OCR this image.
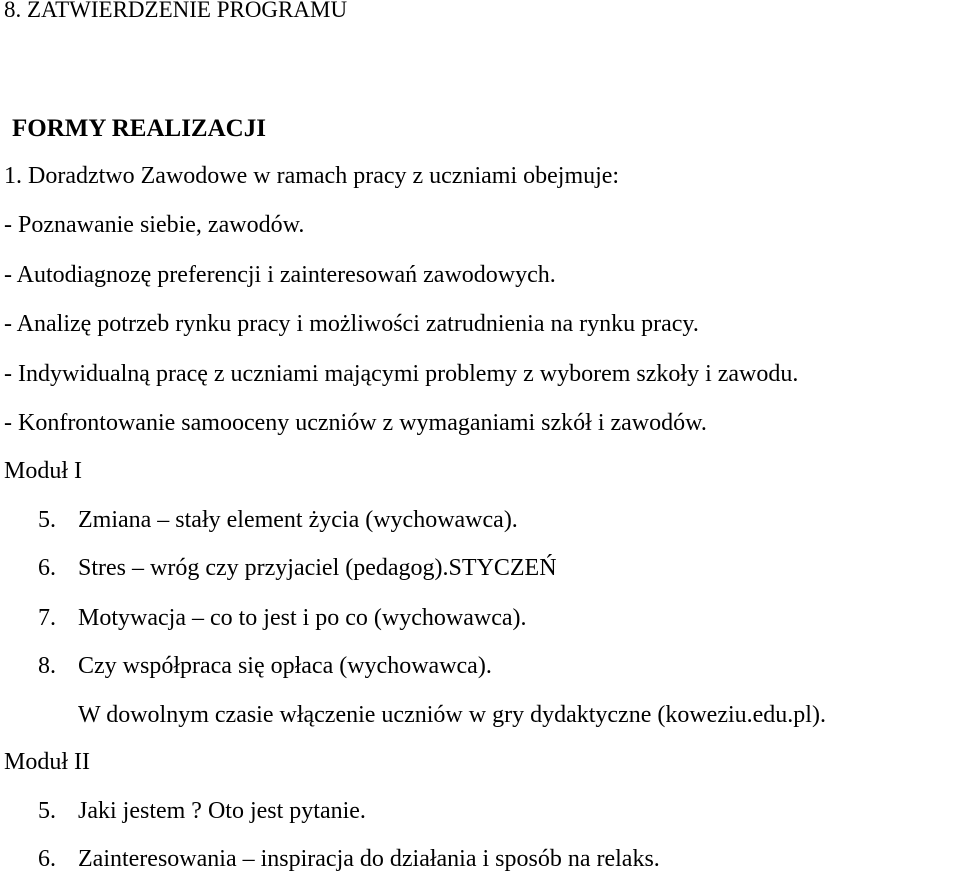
8. ZATWIERDZENIE PROGRAMU
FORMY REALIZACJI
1. Doradztwo Zawodowe w ramach pracy z uczniami obejmuje:
- Poznawanie siebie, zawodów.
- Autodiagnozę preferencji i zainteresowań zawodowych.
- Analizę potrzeb rynku pracy i możliwości zatrudnienia na rynku pracy.
- Indywidualną pracę z uczniami mającymi problemy z wyborem szkoły i zawodu.
- Konfrontowanie samooceny uczniów z wymaganiami szkół i zawodów.
Moduł I
5. Zmiana – stały element życia (wychowawca).
6. Stres – wróg czy przyjaciel (pedagog).STYCZEŃ
7. Motywacja – co to jest i po co (wychowawca).
8. Czy współpraca się opłaca (wychowawca).
W dowolnym czasie włączenie uczniów w gry dydaktyczne (koweziu.edu.pl).
Moduł II
5. Jaki jestem ? Oto jest pytanie.
6. Zainteresowania – inspiracja do działania i sposób na relaks.
